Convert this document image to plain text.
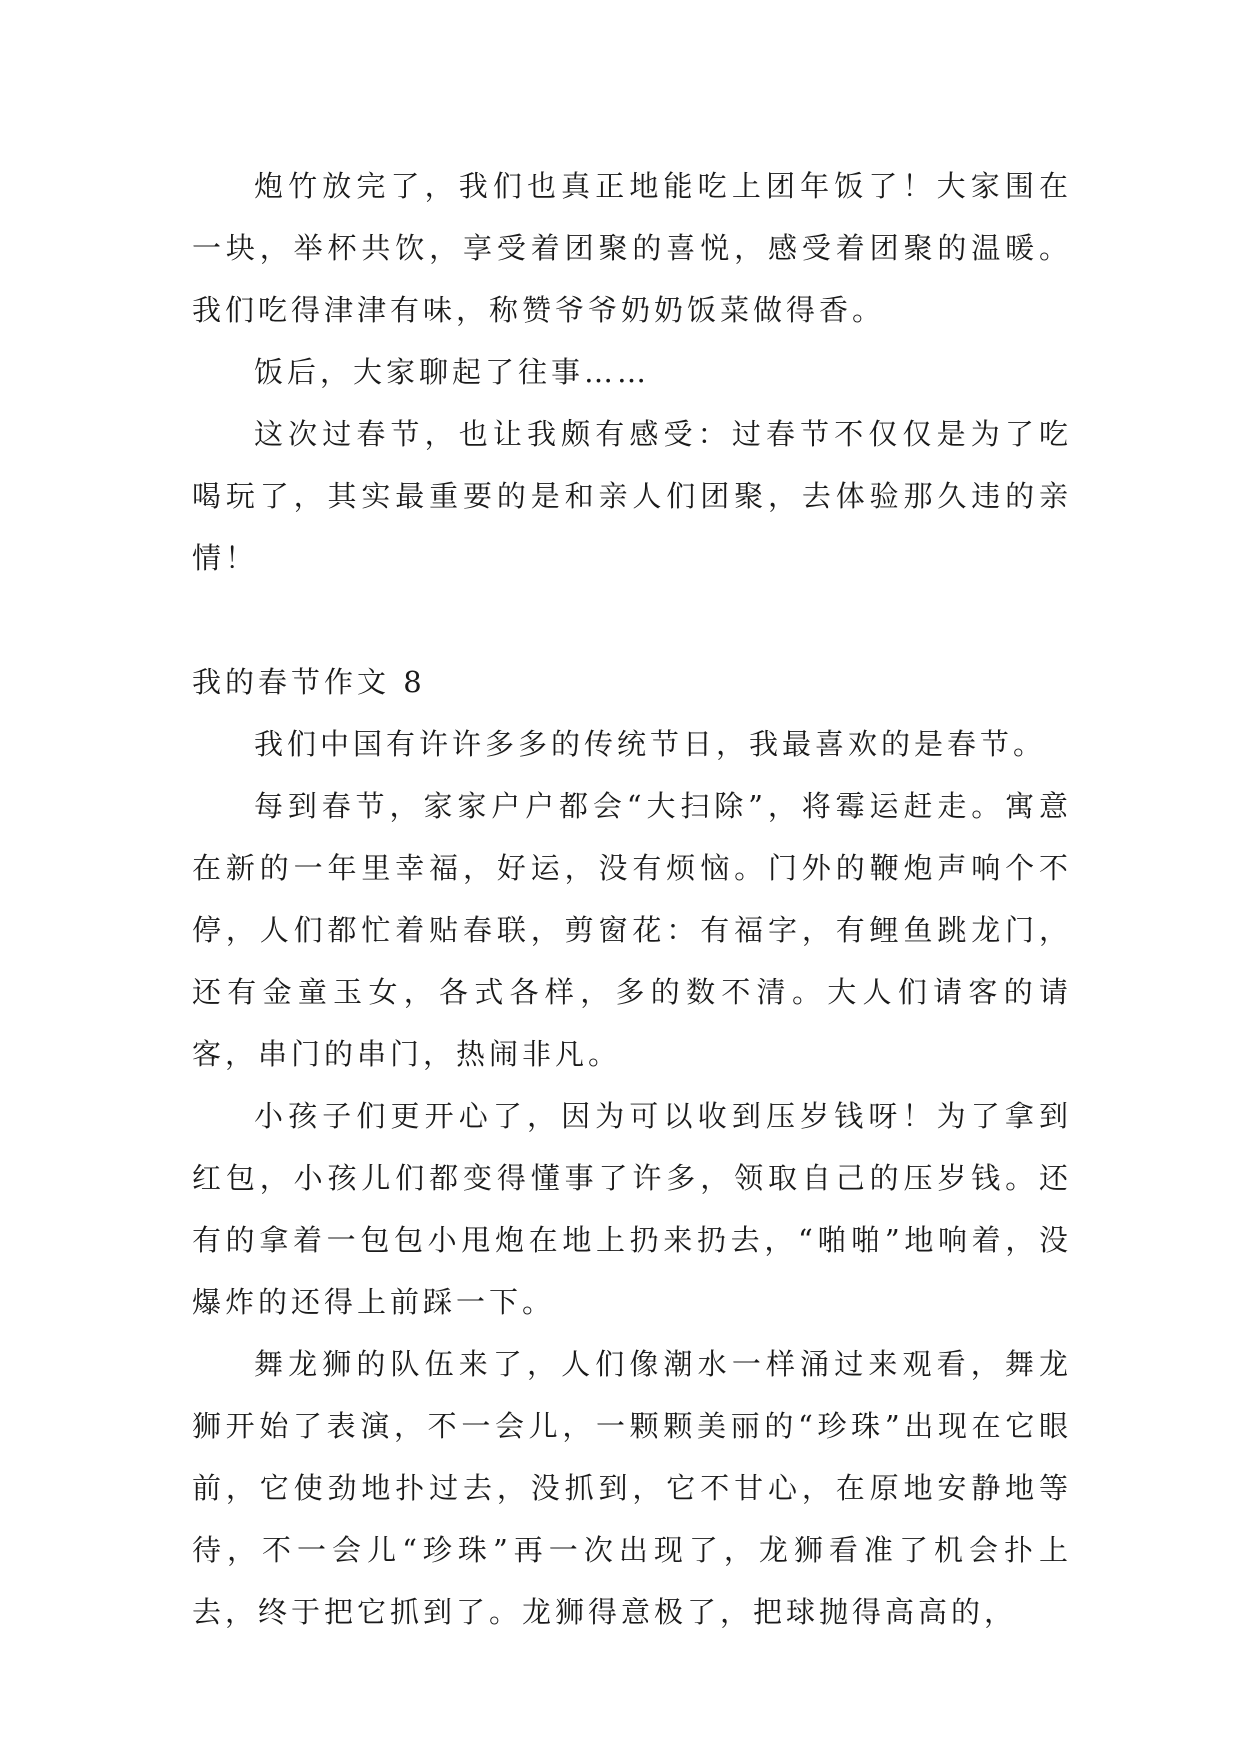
炮竹放完了，我们也真正地能吃上团年饭了！大家围在一块，举杯共饮，享受着团聚的喜悦，感受着团聚的温暖。我们吃得津津有味，称赞爷爷奶奶饭菜做得香。

饭后，大家聊起了往事……

这次过春节，也让我颇有感受：过春节不仅仅是为了吃喝玩了，其实最重要的是和亲人们团聚，去体验那久违的亲情！

我的春节作文 8

我们中国有许许多多的传统节日，我最喜欢的是春节。

每到春节，家家户户都会“大扫除”，将霉运赶走。寓意在新的一年里幸福，好运，没有烦恼。门外的鞭炮声响个不停，人们都忙着贴春联，剪窗花：有福字，有鲤鱼跳龙门，还有金童玉女，各式各样，多的数不清。大人们请客的请客，串门的串门，热闹非凡。

小孩子们更开心了，因为可以收到压岁钱呀！为了拿到红包，小孩儿们都变得懂事了许多，领取自己的压岁钱。还有的拿着一包包小甩炮在地上扔来扔去，“啪啪”地响着，没爆炸的还得上前踩一下。

舞龙狮的队伍来了，人们像潮水一样涌过来观看，舞龙狮开始了表演，不一会儿，一颗颗美丽的“珍珠”出现在它眼前，它使劲地扑过去，没抓到，它不甘心，在原地安静地等待，不一会儿“珍珠”再一次出现了，龙狮看准了机会扑上去，终于把它抓到了。龙狮得意极了，把球抛得高高的，
